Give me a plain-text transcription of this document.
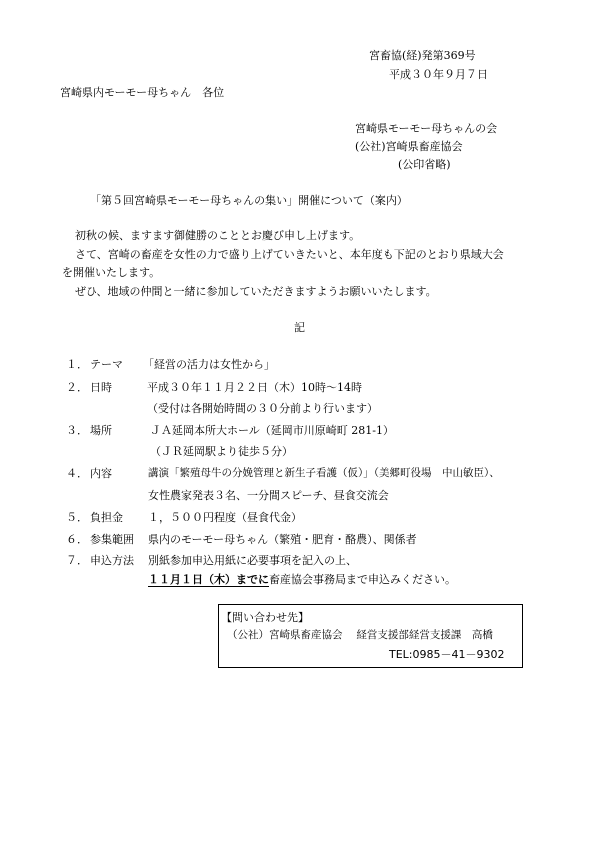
宮畜協(経)発第369号
平成３０年９月７日
宮崎県内モーモー母ちゃん　各位
宮崎県モーモー母ちゃんの会
(公社)宮崎県畜産協会
(公印省略)
「第５回宮崎県モーモー母ちゃんの集い」開催について（案内）
初秋の候、ますます御健勝のこととお慶び申し上げます。
さて、宮崎の畜産を女性の力で盛り上げていきたいと、本年度も下記のとおり県域大会
を開催いたします。
ぜひ、地域の仲間と一緒に参加していただきますようお願いいたします。
記
１． テーマ 「経営の活力は女性から」
２． 日時	平成３０年１１月２２日（木）10時～14時
（受付は各開始時間の３０分前より行います）
３． 場所	ＪＡ延岡本所大ホール（延岡市川原崎町 281-1）
（ＪＲ延岡駅より徒歩５分）
４． 内容	講演「繁殖母牛の分娩管理と新生子看護（仮）」（美郷町役場　中山敏臣）、
女性農家発表３名、一分間スピーチ、昼食交流会
５． 負担金 １，５００円程度（昼食代金）
６． 参集範囲 県内のモーモー母ちゃん（繁殖・肥育・酪農）、関係者
７． 申込方法 別紙参加申込用紙に必要事項を記入の上、
１１月１日（木）までに畜産協会事務局まで申込みください。
【問い合わせ先】
（公社）宮崎県畜産協会　 経営支援部経営支援課　高橋
TEL:0985－41－9302
